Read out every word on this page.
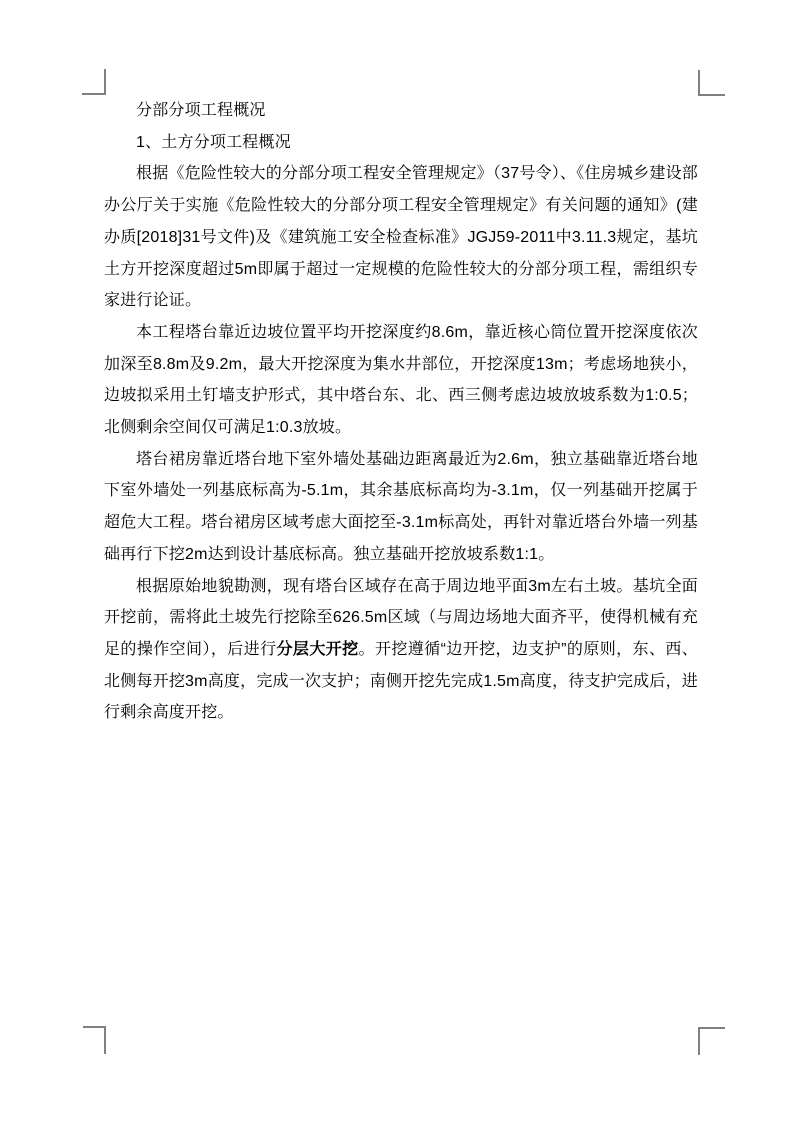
分部分项工程概况

1、土方分项工程概况

根据《危险性较大的分部分项工程安全管理规定》（37号令）、《住房城乡建设部办公厅关于实施《危险性较大的分部分项工程安全管理规定》有关问题的通知》(建办质[2018]31号文件)及《建筑施工安全检查标准》JGJ59-2011中3.11.3规定，基坑土方开挖深度超过5m即属于超过一定规模的危险性较大的分部分项工程，需组织专家进行论证。

本工程塔台靠近边坡位置平均开挖深度约8.6m，靠近核心筒位置开挖深度依次加深至8.8m及9.2m，最大开挖深度为集水井部位，开挖深度13m；考虑场地狭小，边坡拟采用土钉墙支护形式，其中塔台东、北、西三侧考虑边坡放坡系数为1:0.5；北侧剩余空间仅可满足1:0.3放坡。

塔台裙房靠近塔台地下室外墙处基础边距离最近为2.6m，独立基础靠近塔台地下室外墙处一列基底标高为-5.1m，其余基底标高均为-3.1m，仅一列基础开挖属于超危大工程。塔台裙房区域考虑大面挖至-3.1m标高处，再针对靠近塔台外墙一列基础再行下挖2m达到设计基底标高。独立基础开挖放坡系数1:1。

根据原始地貌勘测，现有塔台区域存在高于周边地平面3m左右土坡。基坑全面开挖前，需将此土坡先行挖除至626.5m区域（与周边场地大面齐平，使得机械有充足的操作空间），后进行分层大开挖。开挖遵循“边开挖，边支护”的原则，东、西、北侧每开挖3m高度，完成一次支护；南侧开挖先完成1.5m高度，待支护完成后，进行剩余高度开挖。
